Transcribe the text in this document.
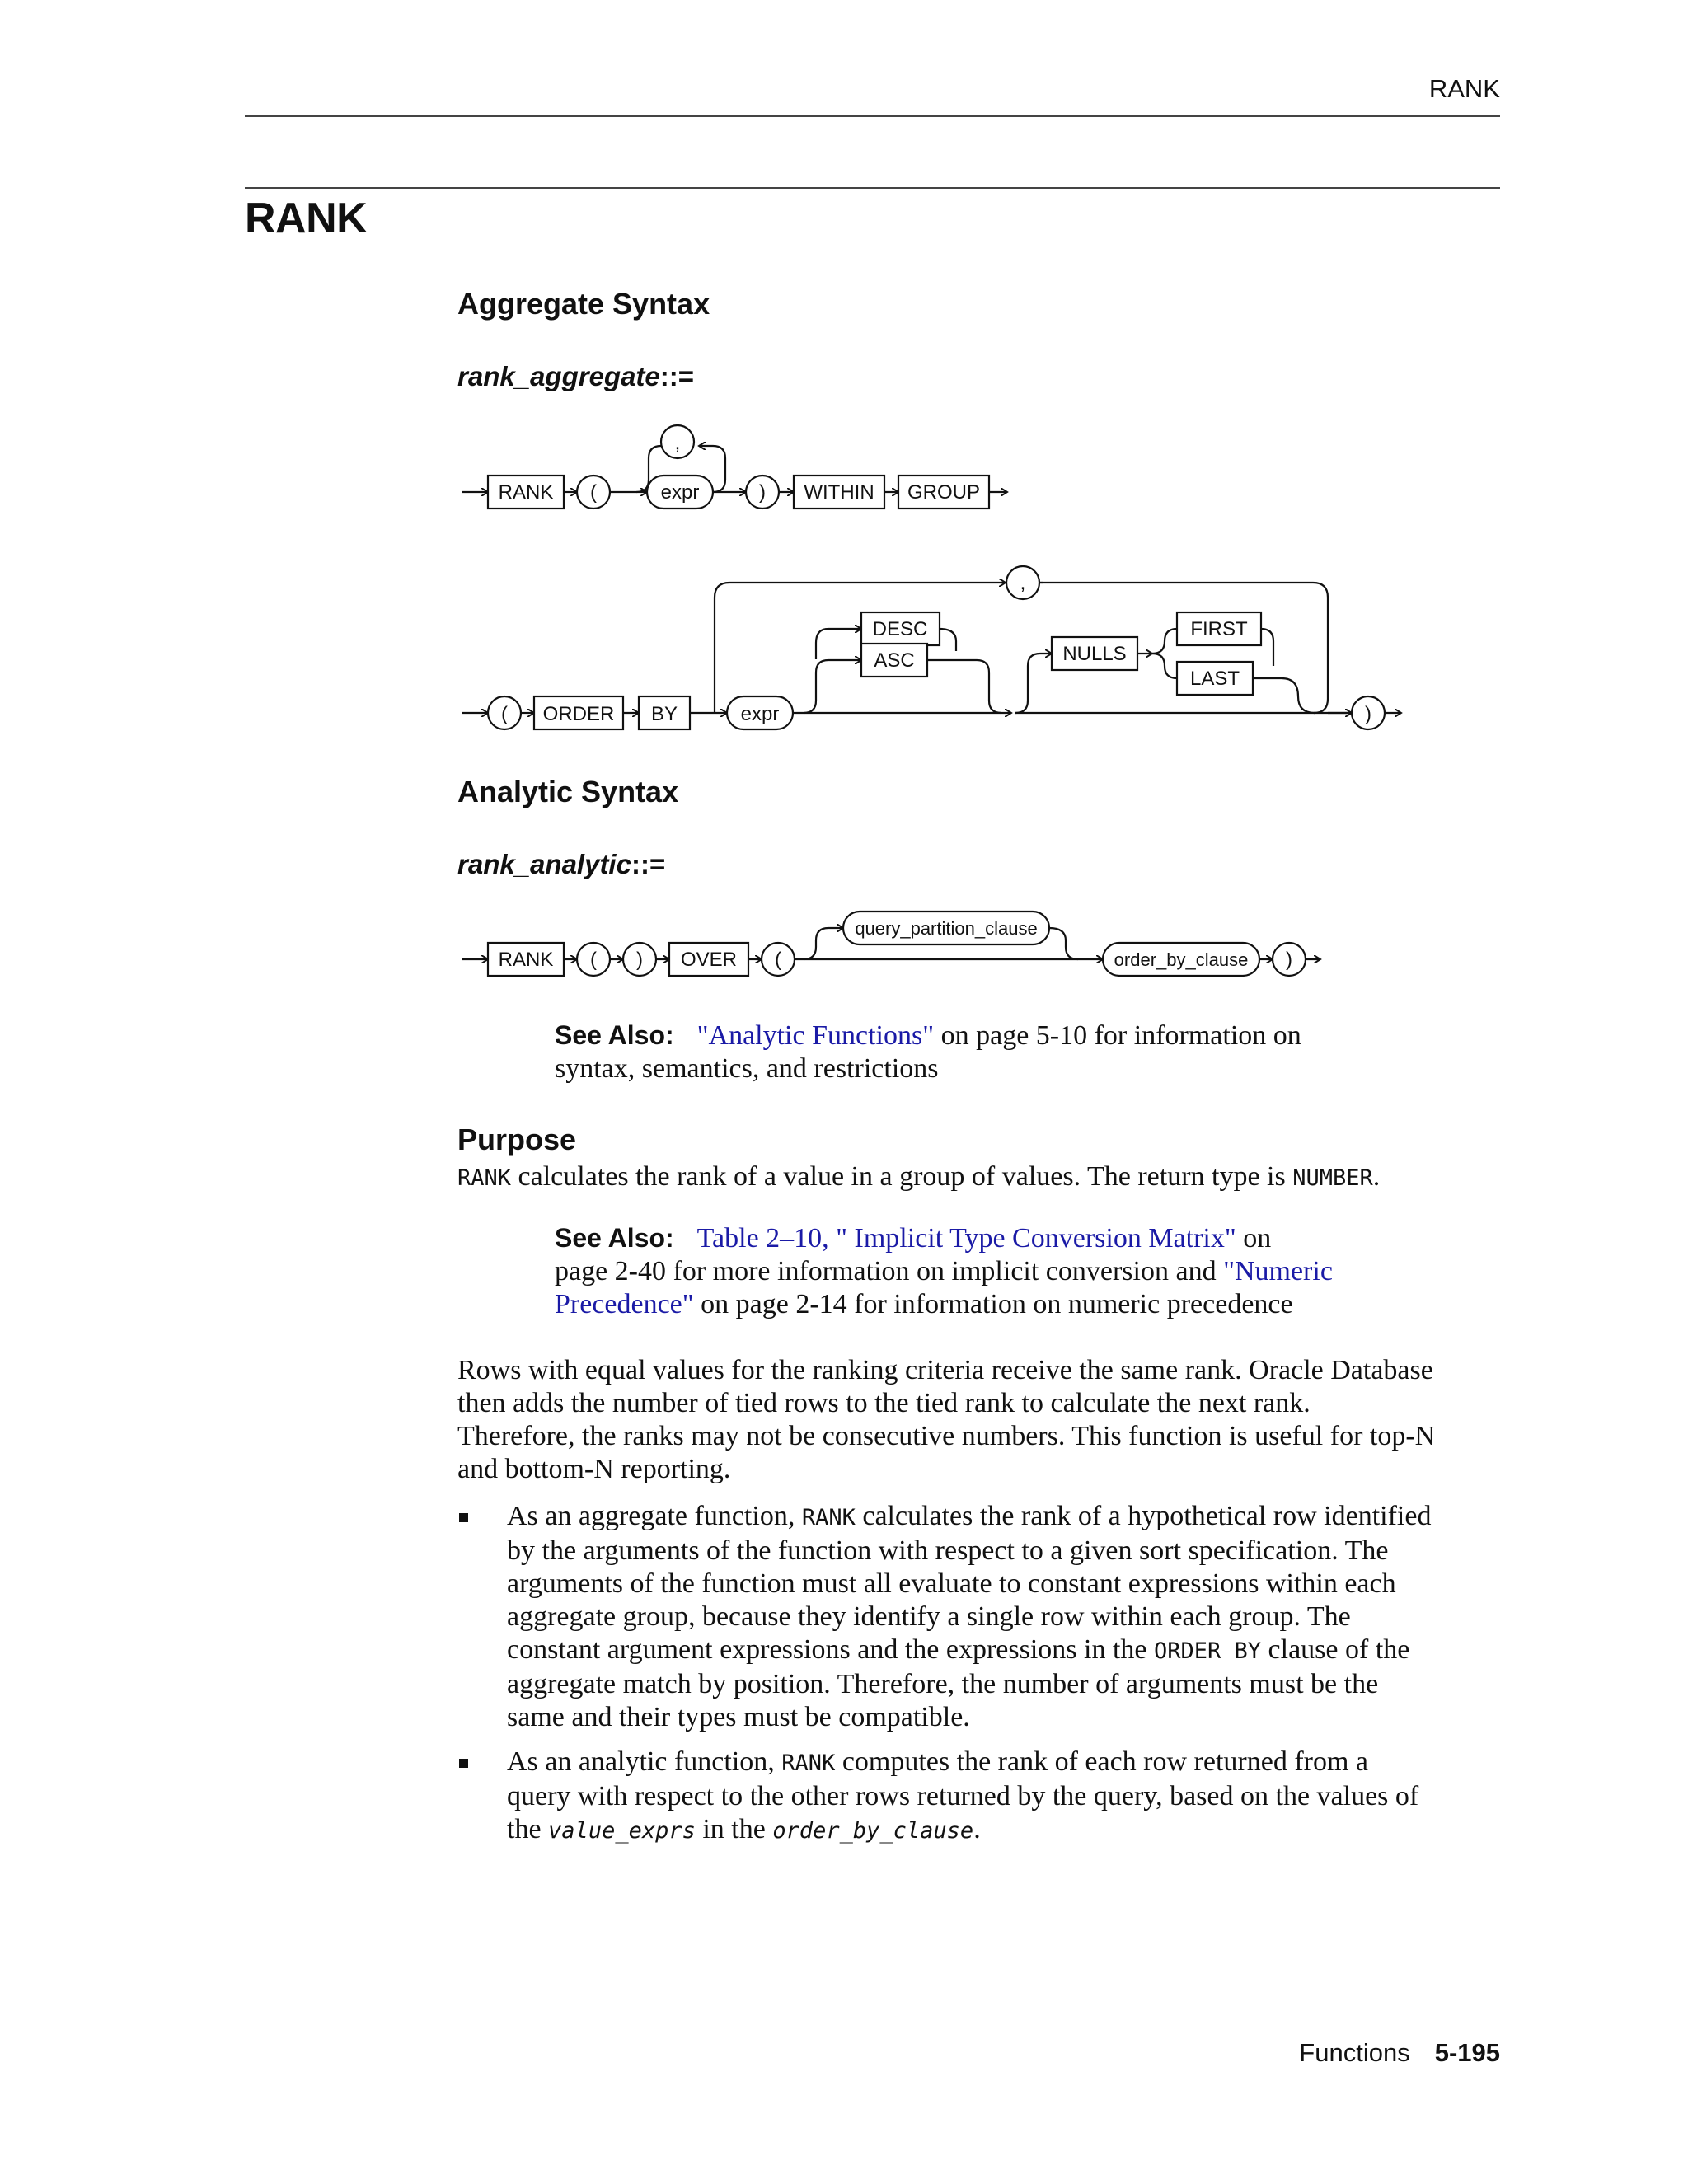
RANK
RANK
Aggregate Syntax

rank_aggregate::=

RANK (	expr
,
) WITHIN GROUP
( ORDER BY
,
expr
DESC
ASC	NULLS
FIRST
LAST
)
Analytic Syntax

rank_analytic::=

RANK ( ) OVER (
query_partition_clause
order_by_clause )
See Also: "Analytic Functions" on page 5-10 for information on
syntax, semantics, and restrictions
Purpose

RANK calculates the rank of a value in a group of values. The return type is NUMBER.

See Also: Table 2–10, " Implicit Type Conversion Matrix" on
page 2-40 for more information on implicit conversion and "Numeric
Precedence" on page 2-14 for information on numeric precedence
Rows with equal values for the ranking criteria receive the same rank. Oracle Database
then adds the number of tied rows to the tied rank to calculate the next rank.
Therefore, the ranks may not be consecutive numbers. This function is useful for top-N
and bottom-N reporting.
As an aggregate function, RANK calculates the rank of a hypothetical row identified
by the arguments of the function with respect to a given sort specification. The
arguments of the function must all evaluate to constant expressions within each
aggregate group, because they identify a single row within each group. The
constant argument expressions and the expressions in the ORDER BY clause of the
aggregate match by position. Therefore, the number of arguments must be the
same and their types must be compatible.
As an analytic function, RANK computes the rank of each row returned from a
query with respect to the other rows returned by the query, based on the values of
the value_exprs in the order_by_clause.
Functions 5-195
